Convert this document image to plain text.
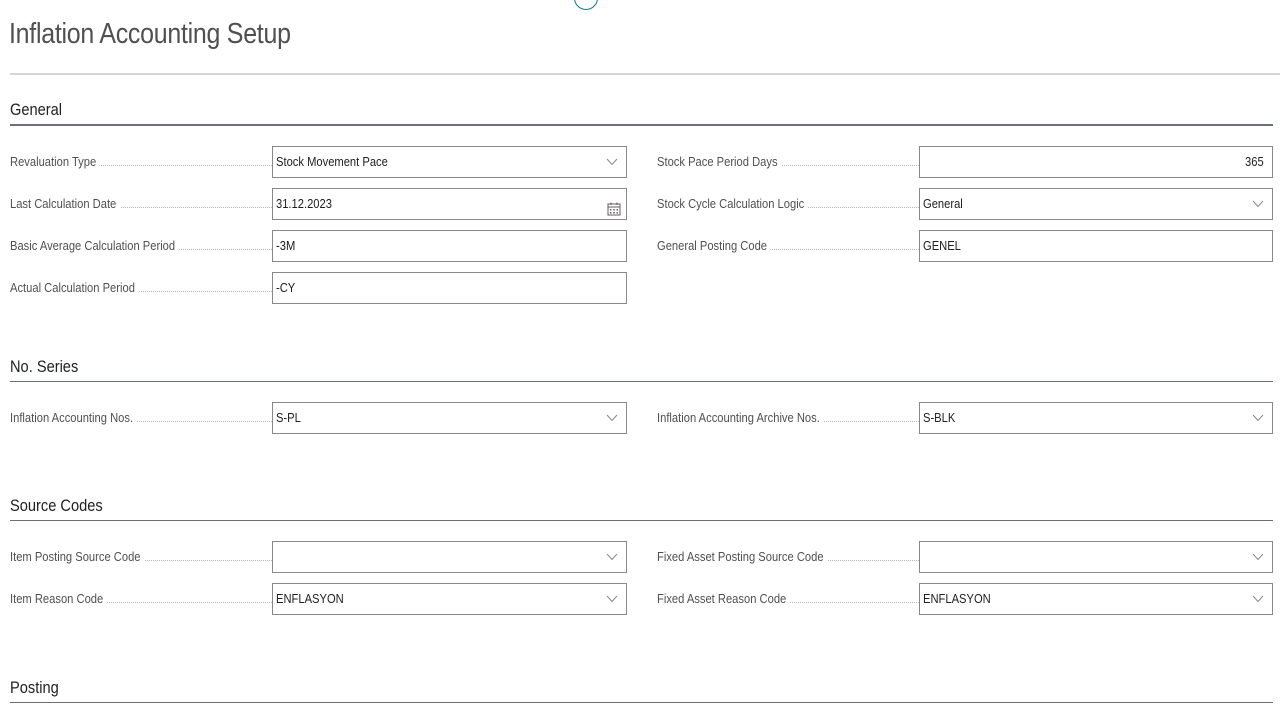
Inflation Accounting Setup
General
Revaluation Type	Stock Movement Pace
Last Calculation Date	31.12.2023
Basic Average Calculation Period	-3M
Actual Calculation Period	-CY
Stock Pace Period Days	365
Stock Cycle Calculation Logic	General
General Posting Code	GENEL
No. Series
Inflation Accounting Nos.	S-PL	Inflation Accounting Archive Nos.	S-BLK
Source Codes
Item Posting Source Code
Item Reason Code	ENFLASYON
Fixed Asset Posting Source Code
Fixed Asset Reason Code	ENFLASYON
Posting
